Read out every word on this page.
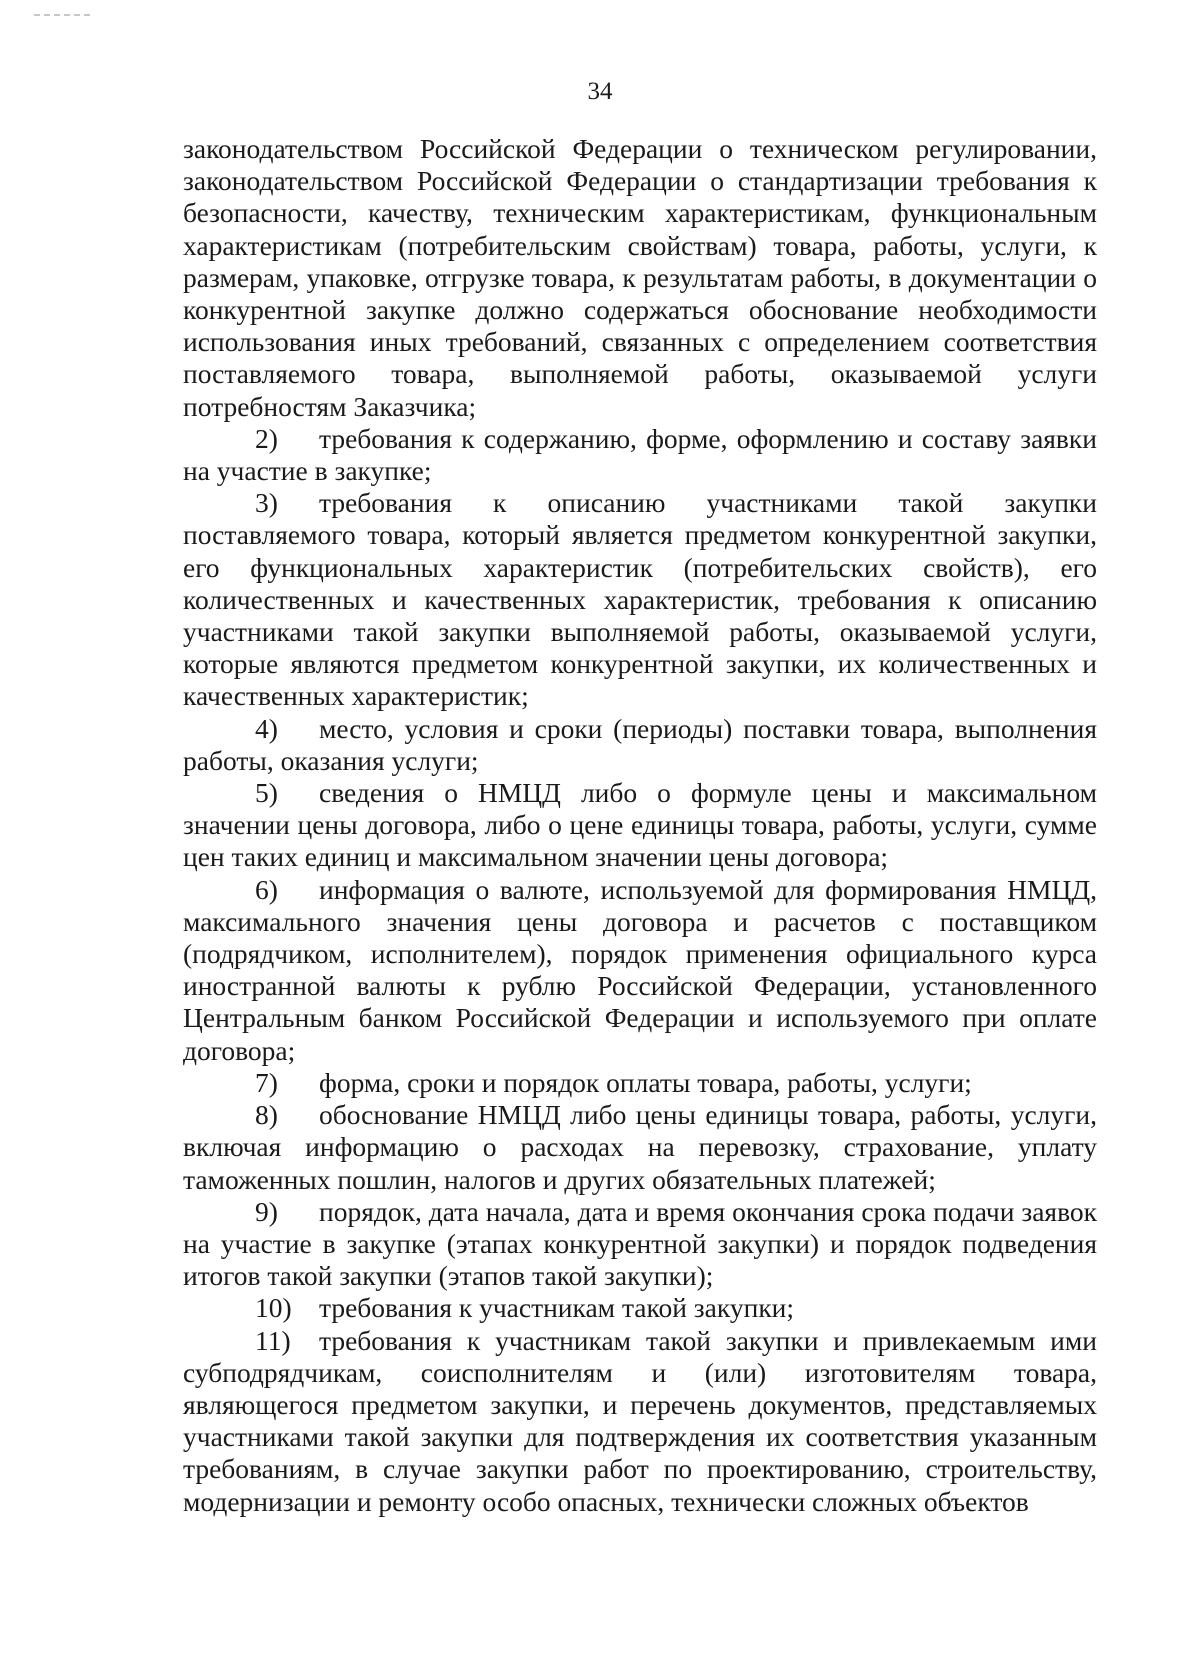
34

законодательством Российской Федерации о техническом регулировании, законодательством Российской Федерации о стандартизации требования к безопасности, качеству, техническим характеристикам, функциональным характеристикам (потребительским свойствам) товара, работы, услуги, к размерам, упаковке, отгрузке товара, к результатам работы, в документации о конкурентной закупке должно содержаться обоснование необходимости использования иных требований, связанных с определением соответствия поставляемого товара, выполняемой работы, оказываемой услуги потребностям Заказчика;

2) требования к содержанию, форме, оформлению и составу заявки на участие в закупке;

3) требования к описанию участниками такой закупки поставляемого товара, который является предметом конкурентной закупки, его функциональных характеристик (потребительских свойств), его количественных и качественных характеристик, требования к описанию участниками такой закупки выполняемой работы, оказываемой услуги, которые являются предметом конкурентной закупки, их количественных и качественных характеристик;

4) место, условия и сроки (периоды) поставки товара, выполнения работы, оказания услуги;

5) сведения о НМЦД либо о формуле цены и максимальном значении цены договора, либо о цене единицы товара, работы, услуги, сумме цен таких единиц и максимальном значении цены договора;

6) информация о валюте, используемой для формирования НМЦД, максимального значения цены договора и расчетов с поставщиком (подрядчиком, исполнителем), порядок применения официального курса иностранной валюты к рублю Российской Федерации, установленного Центральным банком Российской Федерации и используемого при оплате договора;

7) форма, сроки и порядок оплаты товара, работы, услуги;

8) обоснование НМЦД либо цены единицы товара, работы, услуги, включая информацию о расходах на перевозку, страхование, уплату таможенных пошлин, налогов и других обязательных платежей;

9) порядок, дата начала, дата и время окончания срока подачи заявок на участие в закупке (этапах конкурентной закупки) и порядок подведения итогов такой закупки (этапов такой закупки);

10) требования к участникам такой закупки;

11) требования к участникам такой закупки и привлекаемым ими субподрядчикам, соисполнителям и (или) изготовителям товара, являющегося предметом закупки, и перечень документов, представляемых участниками такой закупки для подтверждения их соответствия указанным требованиям, в случае закупки работ по проектированию, строительству, модернизации и ремонту особо опасных, технически сложных объектов
